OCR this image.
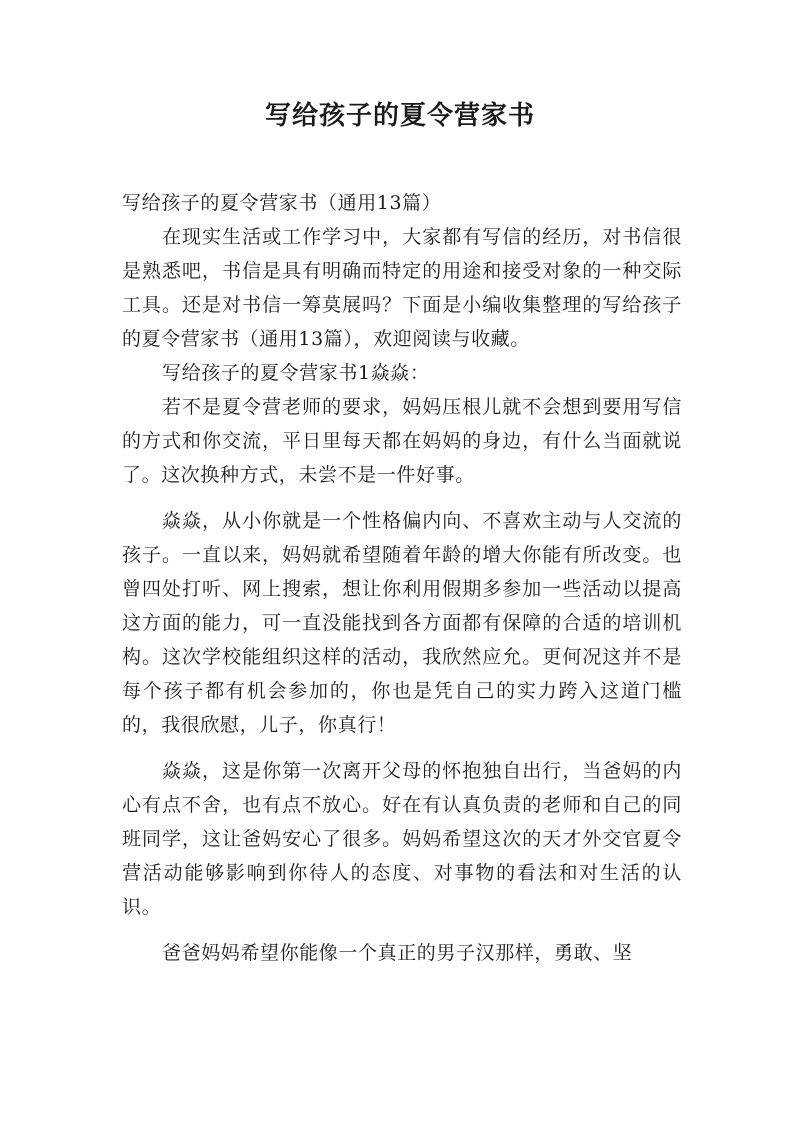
写给孩子的夏令营家书

写给孩子的夏令营家书（通用13篇）

在现实生活或工作学习中，大家都有写信的经历，对书信很是熟悉吧，书信是具有明确而特定的用途和接受对象的一种交际工具。还是对书信一筹莫展吗？下面是小编收集整理的写给孩子的夏令营家书（通用13篇），欢迎阅读与收藏。

写给孩子的夏令营家书1焱焱：

若不是夏令营老师的要求，妈妈压根儿就不会想到要用写信的方式和你交流，平日里每天都在妈妈的身边，有什么当面就说了。这次换种方式，未尝不是一件好事。

焱焱，从小你就是一个性格偏内向、不喜欢主动与人交流的孩子。一直以来，妈妈就希望随着年龄的增大你能有所改变。也曾四处打听、网上搜索，想让你利用假期多参加一些活动以提高这方面的能力，可一直没能找到各方面都有保障的合适的培训机构。这次学校能组织这样的活动，我欣然应允。更何况这并不是每个孩子都有机会参加的，你也是凭自己的实力跨入这道门槛的，我很欣慰，儿子，你真行！

焱焱，这是你第一次离开父母的怀抱独自出行，当爸妈的内心有点不舍，也有点不放心。好在有认真负责的老师和自己的同班同学，这让爸妈安心了很多。妈妈希望这次的天才外交官夏令营活动能够影响到你待人的态度、对事物的看法和对生活的认识。

爸爸妈妈希望你能像一个真正的男子汉那样，勇敢、坚
